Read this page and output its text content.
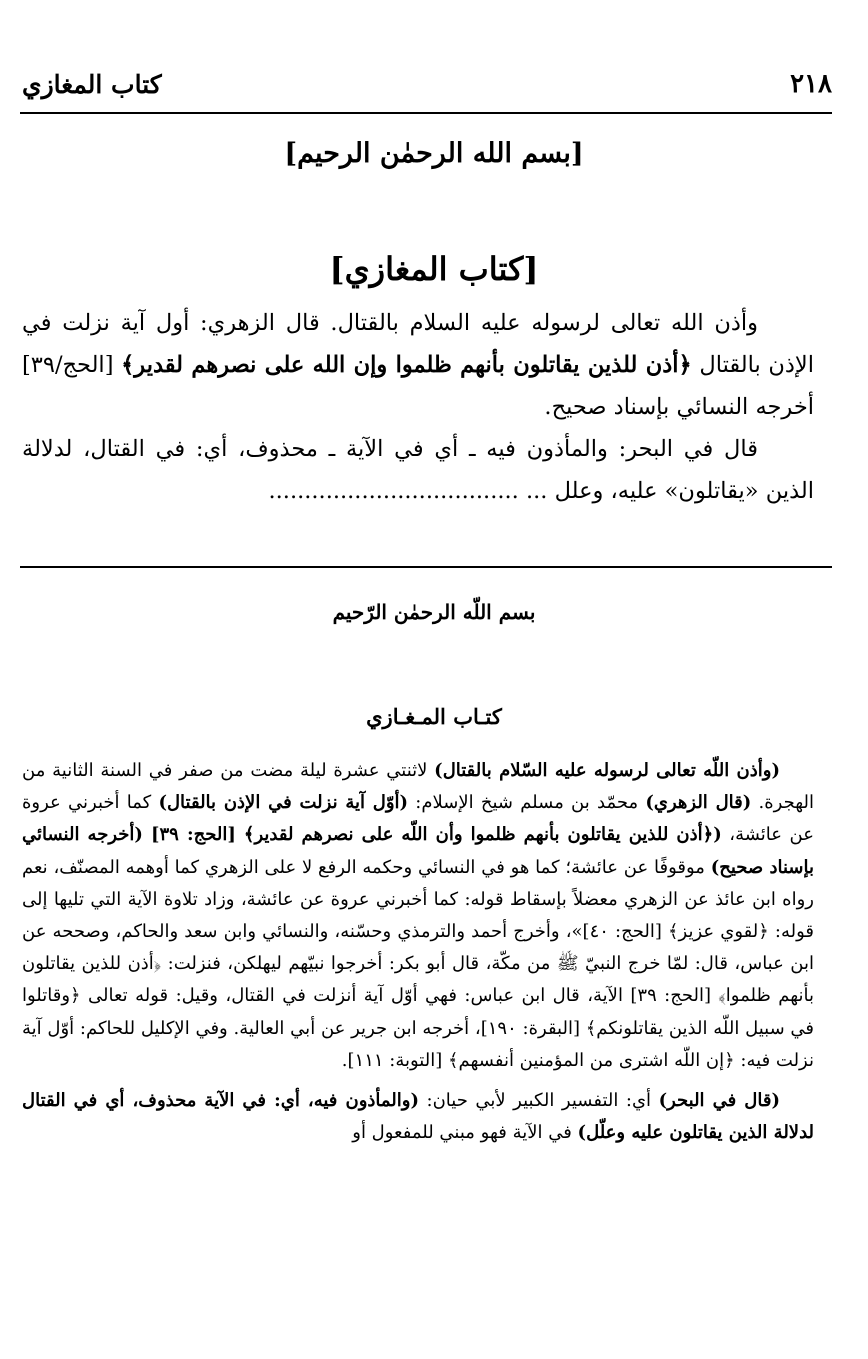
٢١٨
كتاب المغازي
[بسم الله الرحمٰن الرحيم]
[كتاب المغازي]

وأذن الله تعالى لرسوله عليه السلام بالقتال. قال الزهري: أول آية نزلت في الإذن بالقتال ﴿أذن للذين يقاتلون بأنهم ظلموا وإن الله على نصرهم لقدير﴾ [الحج/٣٩] أخرجه النسائي بإسناد صحيح.

قال في البحر: والمأذون فيه ـ أي في الآية ـ محذوف، أي: في القتال، لدلالة الذين «يقاتلون» عليه، وعلل ... ...................................

بسم اللّه الرحمٰن الرّحيم
كتـاب المـغـازي

(وأذن اللّه تعالى لرسوله عليه السّلام بالقتال) لاثنتي عشرة ليلة مضت من صفر في السنة الثانية من الهجرة. (قال الزهري) محمّد بن مسلم شيخ الإسلام: (أوّل آية نزلت في الإذن بالقتال) كما أخبرني عروة عن عائشة، (﴿أذن للذين يقاتلون بأنهم ظلموا وأن اللّه على نصرهم لقدير﴾ [الحج: ٣٩] (أخرجه النسائي بإسناد صحيح) موقوفًا عن عائشة؛ كما هو في النسائي وحكمه الرفع لا على الزهري كما أوهمه المصنّف، نعم رواه ابن عائذ عن الزهري معضلاً بإسقاط قوله: كما أخبرني عروة عن عائشة، وزاد تلاوة الآية التي تليها إلى قوله: ﴿لقوي عزيز﴾ [الحج: ٤٠]»، وأخرج أحمد والترمذي وحسّنه، والنسائي وابن سعد والحاكم، وصححه عن ابن عباس، قال: لمّا خرج النبيّ ﷺ من مكّة، قال أبو بكر: أخرجوا نبيّهم ليهلكن، فنزلت: ﴿أذن للذين يقاتلون بأنهم ظلموا﴾ [الحج: ٣٩] الآية، قال ابن عباس: فهي أوّل آية أنزلت في القتال، وقيل: قوله تعالى ﴿وقاتلوا في سبيل اللّه الذين يقاتلونكم﴾ [البقرة: ١٩٠]، أخرجه ابن جرير عن أبي العالية. وفي الإكليل للحاكم: أوّل آية نزلت فيه: ﴿إن اللّه اشترى من المؤمنين أنفسهم﴾ [التوبة: ١١١].

(قال في البحر) أي: التفسير الكبير لأبي حيان: (والمأذون فيه، أي: في الآية محذوف، أي في القتال لدلالة الذين يقاتلون عليه وعلّل) في الآية فهو مبني للمفعول أو
